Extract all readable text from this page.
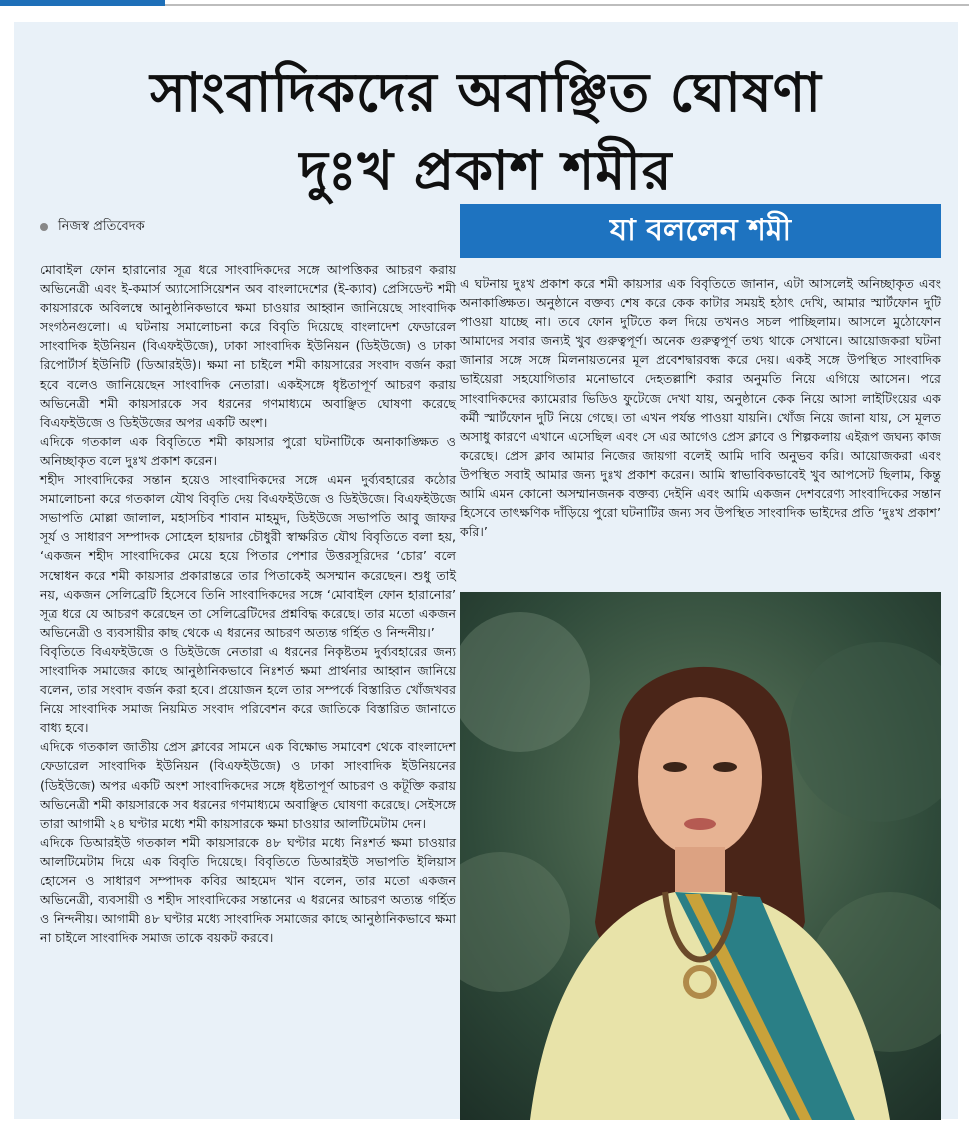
সাংবাদিকদের অবাঞ্ছিত ঘোষণা
দুঃখ প্রকাশ শমীর
নিজস্ব প্রতিবেদক

মোবাইল ফোন হারানোর সূত্র ধরে সাংবাদিকদের সঙ্গে আপত্তিকর আচরণ করায় অভিনেত্রী এবং ই-কমার্স অ্যাসোসিয়েশন অব বাংলাদেশের (ই-ক্যাব) প্রেসিডেন্ট শমী কায়সারকে অবিলম্বে আনুষ্ঠানিকভাবে ক্ষমা চাওয়ার আহ্বান জানিয়েছে সাংবাদিক সংগঠনগুলো। এ ঘটনায় সমালোচনা করে বিবৃতি দিয়েছে বাংলাদেশ ফেডারেল সাংবাদিক ইউনিয়ন (বিএফইউজে), ঢাকা সাংবাদিক ইউনিয়ন (ডিইউজে) ও ঢাকা রিপোর্টার্স ইউনিটি (ডিআরইউ)। ক্ষমা না চাইলে শমী কায়সারের সংবাদ বর্জন করা হবে বলেও জানিয়েছেন সাংবাদিক নেতারা। একইসঙ্গে ধৃষ্টতাপূর্ণ আচরণ করায় অভিনেত্রী শমী কায়সারকে সব ধরনের গণমাধ্যমে অবাঞ্ছিত ঘোষণা করেছে বিএফইউজে ও ডিইউজের অপর একটি অংশ।

এদিকে গতকাল এক বিবৃতিতে শমী কায়সার পুরো ঘটনাটিকে অনাকাঙ্ক্ষিত ও অনিচ্ছাকৃত বলে দুঃখ প্রকাশ করেন।

শহীদ সাংবাদিকের সন্তান হয়েও সাংবাদিকদের সঙ্গে এমন দুর্ব্যবহারের কঠোর সমালোচনা করে গতকাল যৌথ বিবৃতি দেয় বিএফইউজে ও ডিইউজে। বিএফইউজে সভাপতি মোল্লা জালাল, মহাসচিব শাবান মাহমুদ, ডিইউজে সভাপতি আবু জাফর সূর্য ও সাধারণ সম্পাদক সোহেল হায়দার চৌধুরী স্বাক্ষরিত যৌথ বিবৃতিতে বলা হয়, ‘একজন শহীদ সাংবাদিকের মেয়ে হয়ে পিতার পেশার উত্তরসূরিদের ‘চোর’ বলে সম্বোধন করে শমী কায়সার প্রকারান্তরে তার পিতাকেই অসম্মান করেছেন। শুধু তাই নয়, একজন সেলিব্রেটি হিসেবে তিনি সাংবাদিকদের সঙ্গে ‘মোবাইল ফোন হারানোর’ সূত্র ধরে যে আচরণ করেছেন তা সেলিব্রেটিদের প্রশ্নবিদ্ধ করেছে। তার মতো একজন অভিনেত্রী ও ব্যবসায়ীর কাছ থেকে এ ধরনের আচরণ অত্যন্ত গর্হিত ও নিন্দনীয়।’

বিবৃতিতে বিএফইউজে ও ডিইউজে নেতারা এ ধরনের নিকৃষ্টতম দুর্ব্যবহারের জন্য সাংবাদিক সমাজের কাছে আনুষ্ঠানিকভাবে নিঃশর্ত ক্ষমা প্রার্থনার আহ্বান জানিয়ে বলেন, তার সংবাদ বর্জন করা হবে। প্রয়োজন হলে তার সম্পর্কে বিস্তারিত খোঁজখবর নিয়ে সাংবাদিক সমাজ নিয়মিত সংবাদ পরিবেশন করে জাতিকে বিস্তারিত জানাতে বাধ্য হবে।

এদিকে গতকাল জাতীয় প্রেস ক্লাবের সামনে এক বিক্ষোভ সমাবেশ থেকে বাংলাদেশ ফেডারেল সাংবাদিক ইউনিয়ন (বিএফইউজে) ও ঢাকা সাংবাদিক ইউনিয়নের (ডিইউজে) অপর একটি অংশ সাংবাদিকদের সঙ্গে ধৃষ্টতাপূর্ণ আচরণ ও কটূক্তি করায় অভিনেত্রী শমী কায়সারকে সব ধরনের গণমাধ্যমে অবাঞ্ছিত ঘোষণা করেছে। সেইসঙ্গে তারা আগামী ২৪ ঘণ্টার মধ্যে শমী কায়সারকে ক্ষমা চাওয়ার আলটিমেটাম দেন।

এদিকে ডিআরইউ গতকাল শমী কায়সারকে ৪৮ ঘণ্টার মধ্যে নিঃশর্ত ক্ষমা চাওয়ার আলটিমেটাম দিয়ে এক বিবৃতি দিয়েছে। বিবৃতিতে ডিআরইউ সভাপতি ইলিয়াস হোসেন ও সাধারণ সম্পাদক কবির আহমেদ খান বলেন, তার মতো একজন অভিনেত্রী, ব্যবসায়ী ও শহীদ সাংবাদিকের সন্তানের এ ধরনের আচরণ অত্যন্ত গর্হিত ও নিন্দনীয়। আগামী ৪৮ ঘণ্টার মধ্যে সাংবাদিক সমাজের কাছে আনুষ্ঠানিকভাবে ক্ষমা না চাইলে সাংবাদিক সমাজ তাকে বয়কট করবে।

যা বললেন শমী

এ ঘটনায় দুঃখ প্রকাশ করে শমী কায়সার এক বিবৃতিতে জানান, এটা আসলেই অনিচ্ছাকৃত এবং অনাকাঙ্ক্ষিত। অনুষ্ঠানে বক্তব্য শেষ করে কেক কাটার সময়ই হঠাৎ দেখি, আমার স্মার্টফোন দুটি পাওয়া যাচ্ছে না। তবে ফোন দুটিতে কল দিয়ে তখনও সচল পাচ্ছিলাম। আসলে মুঠোফোন আমাদের সবার জন্যই খুব গুরুত্বপূর্ণ। অনেক গুরুত্বপূর্ণ তথ্য থাকে সেখানে। আয়োজকরা ঘটনা জানার সঙ্গে সঙ্গে মিলনায়তনের মূল প্রবেশদ্বারবন্ধ করে দেয়। একই সঙ্গে উপস্থিত সাংবাদিক ভাইয়েরা সহযোগিতার মনোভাবে দেহতল্লাশি করার অনুমতি নিয়ে এগিয়ে আসেন। পরে সাংবাদিকদের ক্যামেরার ভিডিও ফুটেজে দেখা যায়, অনুষ্ঠানে কেক নিয়ে আসা লাইটিংয়ের এক কর্মী স্মার্টফোন দুটি নিয়ে গেছে। তা এখন পর্যন্ত পাওয়া যায়নি। খোঁজ নিয়ে জানা যায়, সে মূলত অসাধু কারণে এখানে এসেছিল এবং সে এর আগেও প্রেস ক্লাবে ও শিল্পকলায় এইরূপ জঘন্য কাজ করেছে। প্রেস ক্লাব আমার নিজের জায়গা বলেই আমি দাবি অনুভব করি। আয়োজকরা এবং উপস্থিত সবাই আমার জন্য দুঃখ প্রকাশ করেন। আমি স্বাভাবিকভাবেই খুব আপসেট ছিলাম, কিন্তু আমি এমন কোনো অসম্মানজনক বক্তব্য দেইনি এবং আমি একজন দেশবরেণ্য সাংবাদিকের সন্তান হিসেবে তাৎক্ষণিক দাঁড়িয়ে পুরো ঘটনাটির জন্য সব উপস্থিত সাংবাদিক ভাইদের প্রতি ‘দুঃখ প্রকাশ’ করি।’
